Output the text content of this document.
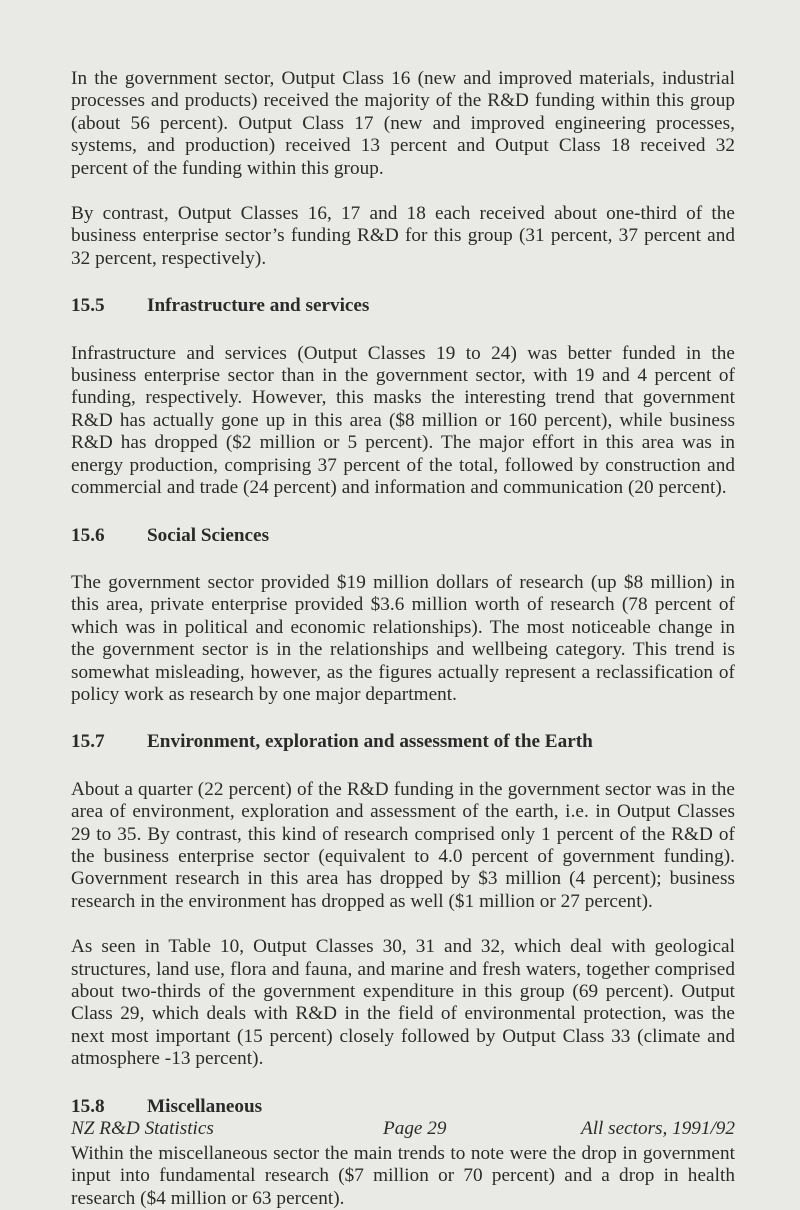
In the government sector, Output Class 16 (new and improved materials, industrial processes and products) received the majority of the R&D funding within this group (about 56 percent). Output Class 17 (new and improved engineering processes, systems, and production) received 13 percent and Output Class 18 received 32 percent of the funding within this group.

By contrast, Output Classes 16, 17 and 18 each received about one-third of the business enterprise sector’s funding R&D for this group (31 percent, 37 percent and 32 percent, respectively).

15.5	Infrastructure and services

Infrastructure and services (Output Classes 19 to 24) was better funded in the business enterprise sector than in the government sector, with 19 and 4 percent of funding, respectively. However, this masks the interesting trend that government R&D has actually gone up in this area ($8 million or 160 percent), while business R&D has dropped ($2 million or 5 percent). The major effort in this area was in energy production, comprising 37 percent of the total, followed by construction and commercial and trade (24 percent) and information and communication (20 percent).

15.6	Social Sciences

The government sector provided $19 million dollars of research (up $8 million) in this area, private enterprise provided $3.6 million worth of research (78 percent of which was in political and economic relationships). The most noticeable change in the government sector is in the relationships and wellbeing category. This trend is somewhat misleading, however, as the figures actually represent a reclassification of policy work as research by one major department.

15.7	Environment, exploration and assessment of the Earth

About a quarter (22 percent) of the R&D funding in the government sector was in the area of environment, exploration and assessment of the earth, i.e. in Output Classes 29 to 35. By contrast, this kind of research comprised only 1 percent of the R&D of the business enterprise sector (equivalent to 4.0 percent of government funding). Government research in this area has dropped by $3 million (4 percent); business research in the environment has dropped as well ($1 million or 27 percent).

As seen in Table 10, Output Classes 30, 31 and 32, which deal with geological structures, land use, flora and fauna, and marine and fresh waters, together comprised about two-thirds of the government expenditure in this group (69 percent). Output Class 29, which deals with R&D in the field of environmental protection, was the next most important (15 percent) closely followed by Output Class 33 (climate and atmosphere -13 percent).

15.8	Miscellaneous

Within the miscellaneous sector the main trends to note were the drop in government input into fundamental research ($7 million or 70 percent) and a drop in health research ($4 million or 63 percent).

NZ R&D Statistics	Page 29	All sectors, 1991/92
